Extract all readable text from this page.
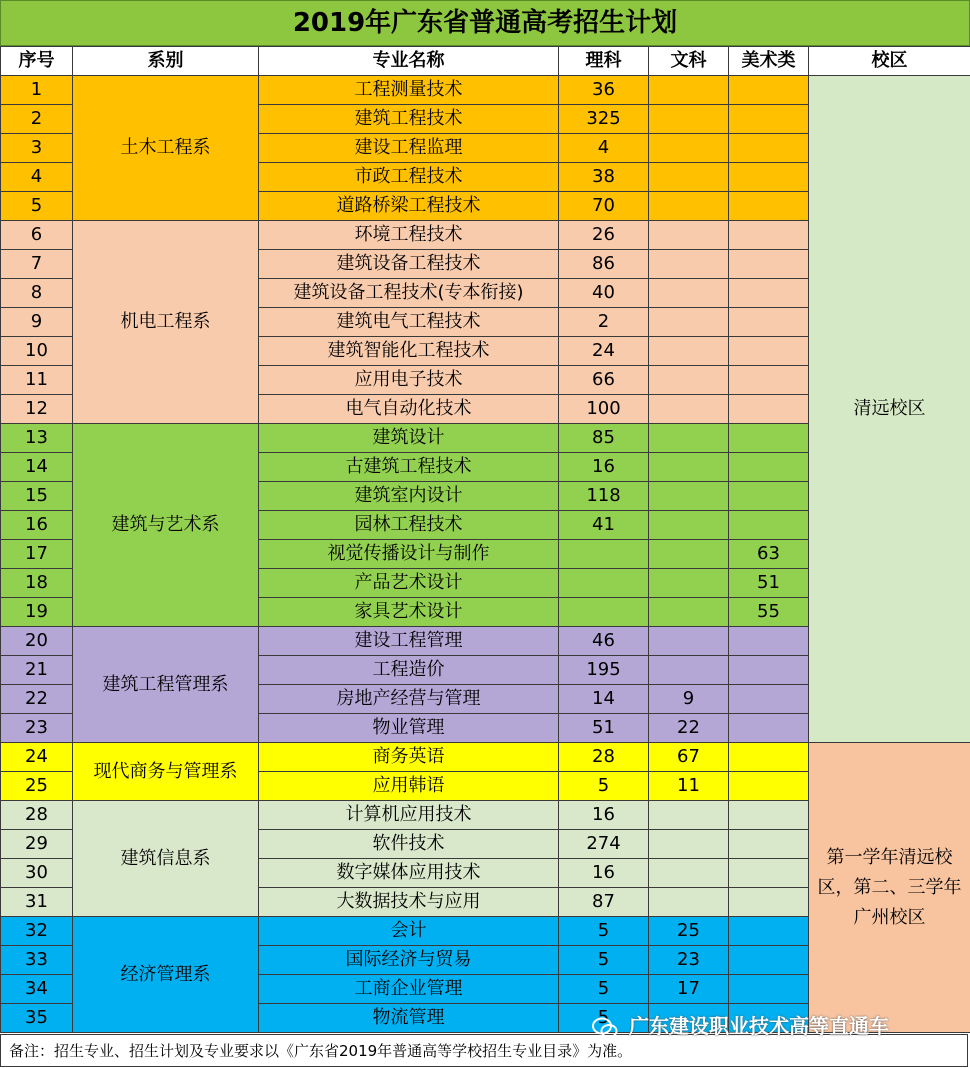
2019年广东省普通高考招生计划
序号	系别	专业名称	理科	文科	美术类	校区
1	土木工程系	工程测量技术	36			清远校区
2		建筑工程技术	325			
3		建设工程监理	4			
4		市政工程技术	38			
5		道路桥梁工程技术	70			
6	机电工程系	环境工程技术	26			
7		建筑设备工程技术	86			
8		建筑设备工程技术(专本衔接)	40			
9		建筑电气工程技术	2			
10		建筑智能化工程技术	24			
11		应用电子技术	66			
12		电气自动化技术	100			
13	建筑与艺术系	建筑设计	85			
14		古建筑工程技术	16			
15		建筑室内设计	118			
16		园林工程技术	41			
17		视觉传播设计与制作			63	
18		产品艺术设计			51	
19		家具艺术设计			55	
20	建筑工程管理系	建设工程管理	46			
21		工程造价	195			
22		房地产经营与管理	14	9		
23		物业管理	51	22		
24	现代商务与管理系	商务英语	28	67		第一学年清远校区，第二、三学年广州校区
25		应用韩语	5	11		
28	建筑信息系	计算机应用技术	16			
29		软件技术	274			
30		数字媒体应用技术	16			
31		大数据技术与应用	87			
32	经济管理系	会计	5	25		
33		国际经济与贸易	5	23		
34		工商企业管理	5	17		
35		物流管理	5			
备注：招生专业、招生计划及专业要求以《广东省2019年普通高等学校招生专业目录》为准。
广东建设职业技术高等直通车
